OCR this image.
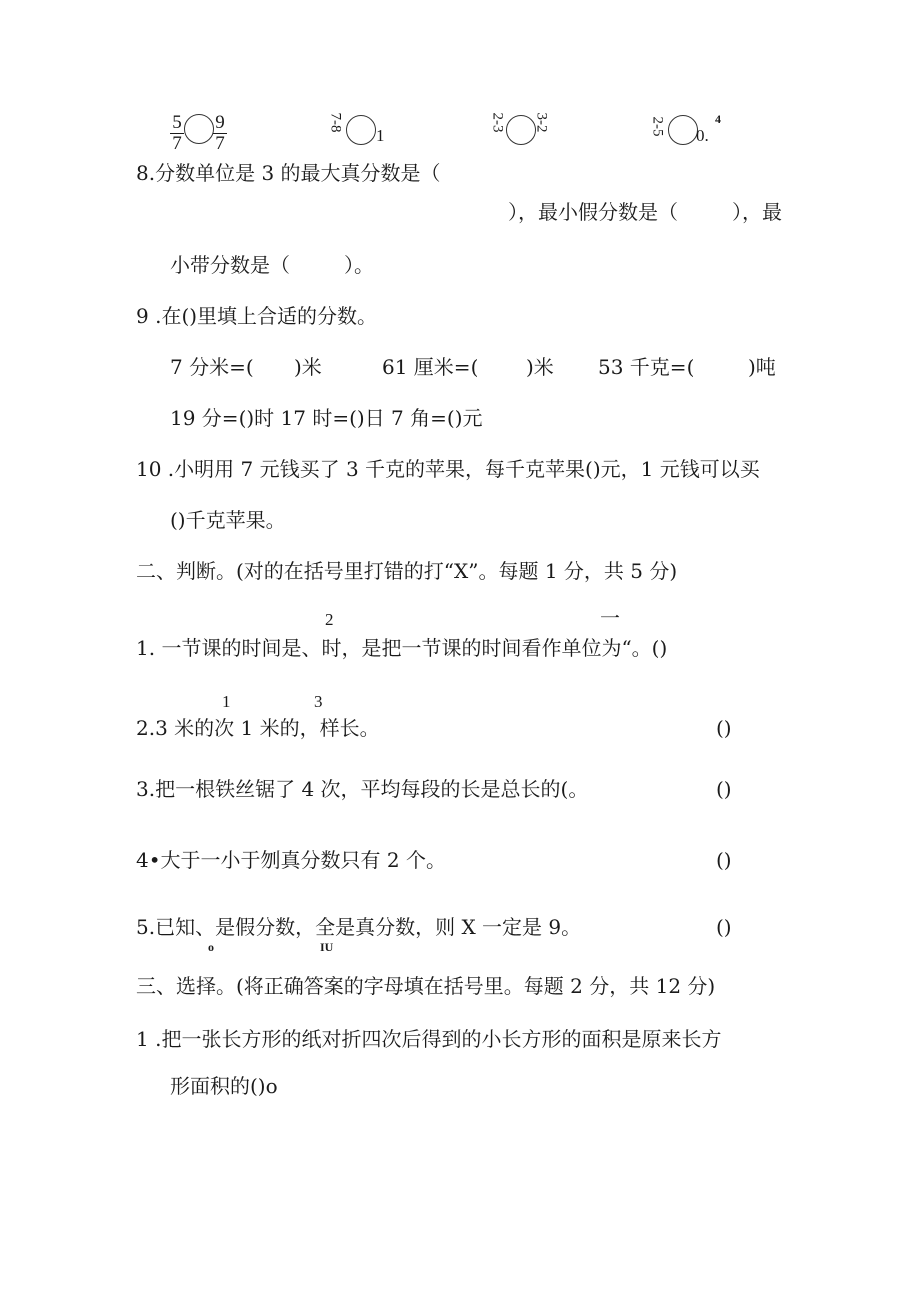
5
7
9
7
7-8
1
2-3 3-2	2-5 0.
4
8.分数单位是 3 的最大真分数是（
），最小假分数是（	），最
小带分数是（	）。
9 .在()里填上合适的分数。
7 分米=( )米	61 厘米=( )米 53 千克=(	)吨
19 分=()时 17 时=()日 7 角=()元
10 .小明用 7 元钱买了 3 千克的苹果，每千克苹果()元，1 元钱可以买
()千克苹果。
二、判断。(对的在括号里打错的打“X”。每题 1 分，共 5 分)
2	一
1. 一节课的时间是、时，是把一节课的时间看作单位为“。()
1	3
2.3 米的次 1 米的，样长。	()
3.把一根铁丝锯了 4 次，平均每段的长是总长的(。	()
4•大于一小于刎真分数只有 2 个。	()
5.已知、是假分数，全是真分数，则 X 一定是 9。
o	IU
()
三、选择。(将正确答案的字母填在括号里。每题 2 分，共 12 分)
1 .把一张长方形的纸对折四次后得到的小长方形的面积是原来长方
形面积的()o
